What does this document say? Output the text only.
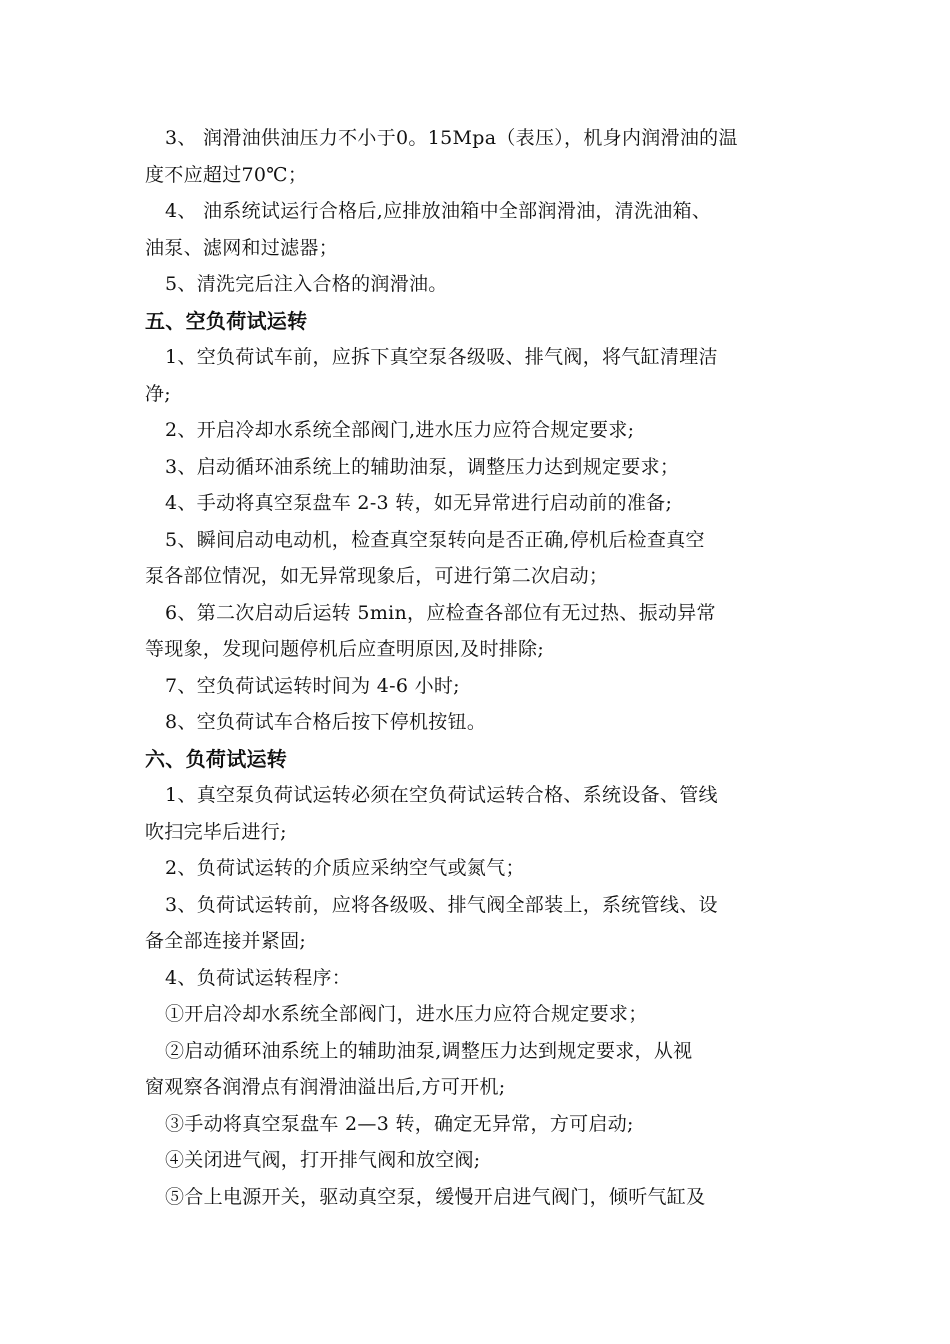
3、 润滑油供油压力不小于0。15Mpa（表压），机身内润滑油的温
度不应超过70℃；
4、 油系统试运行合格后,应排放油箱中全部润滑油，清洗油箱、
油泵、滤网和过滤器；
5、清洗完后注入合格的润滑油。
五、空负荷试运转
1、空负荷试车前，应拆下真空泵各级吸、排气阀，将气缸清理洁
净;
2、开启冷却水系统全部阀门,进水压力应符合规定要求;
3、启动循环油系统上的辅助油泵，调整压力达到规定要求；
4、手动将真空泵盘车 2-3 转，如无异常进行启动前的准备;
5、瞬间启动电动机，检查真空泵转向是否正确,停机后检查真空
泵各部位情况，如无异常现象后，可进行第二次启动；
6、第二次启动后运转 5min，应检查各部位有无过热、振动异常
等现象，发现问题停机后应查明原因,及时排除;
7、空负荷试运转时间为 4-6 小时;
8、空负荷试车合格后按下停机按钮。
六、负荷试运转
1、真空泵负荷试运转必须在空负荷试运转合格、系统设备、管线
吹扫完毕后进行;
2、负荷试运转的介质应采纳空气或氮气；
3、负荷试运转前，应将各级吸、排气阀全部装上，系统管线、设
备全部连接并紧固;
4、负荷试运转程序：
①开启冷却水系统全部阀门，进水压力应符合规定要求；
②启动循环油系统上的辅助油泵,调整压力达到规定要求，从视
窗观察各润滑点有润滑油溢出后,方可开机;
③手动将真空泵盘车 2—3 转，确定无异常，方可启动;
④关闭进气阀，打开排气阀和放空阀;
⑤合上电源开关，驱动真空泵，缓慢开启进气阀门，倾听气缸及
